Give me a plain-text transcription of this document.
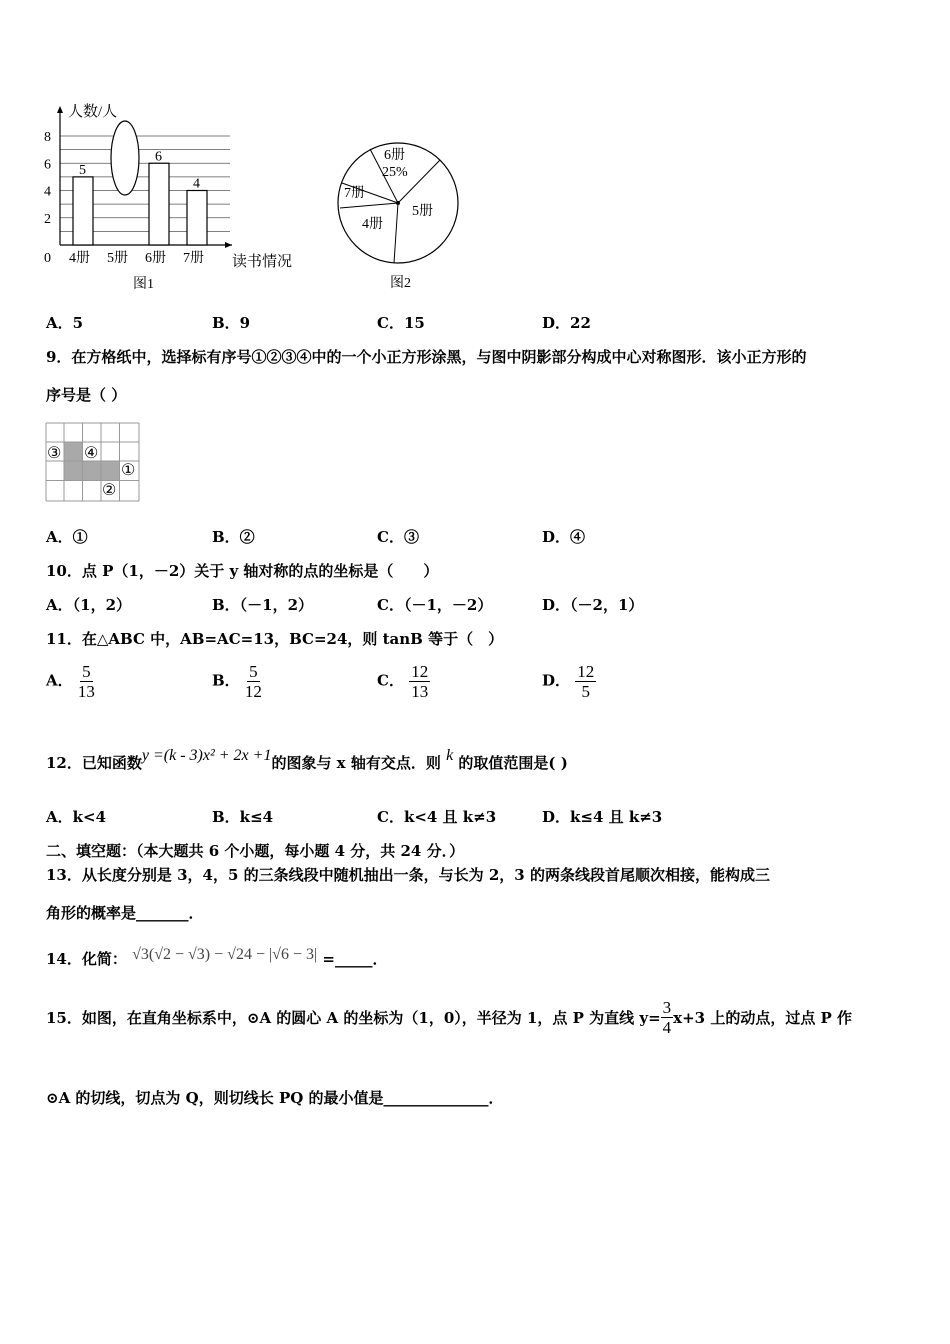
人数/人
读书情况
图1
0
2
4
6
8
5
4册 5册
6
6册
4
7册
6册
25%
7册
4册
5册
图2
A．5	B．9	C．15	D．22
9．在方格纸中，选择标有序号①②③④中的一个小正方形涂黑，与图中阴影部分构成中心对称图形．该小正方形的
序号是（ ）
③ ④
①
②
A．①	B．②	C．③	D．④
10．点 P（1，－2）关于 y 轴对称的点的坐标是（　　）
A．（1，2）	B．（－1，2）	C．（－1，－2）	D．（－2，1）
11．在△ABC 中，AB=AC=13，BC=24，则 tanB 等于（　）
A． $\frac{5}{13}$	B． $\frac{5}{12}$	C． $\frac{12}{13}$	D． $\frac{12}{5}$
12．已知函数y =(k - 3)x² + 2x +1的图象与 x 轴有交点．则 k 的取值范围是( )
A．k<4	B．k≤4	C．k<4 且 k≠3	D．k≤4 且 k≠3
二、填空题：（本大题共 6 个小题，每小题 4 分，共 24 分．）
13．从长度分别是 3，4，5 的三条线段中随机抽出一条，与长为 2，3 的两条线段首尾顺次相接，能构成三
角形的概率是_______．
14．化简： √3(√2 − √3) − √24 − |√6 − 3| =_____．
15．如图，在直角坐标系中，⊙A 的圆心 A 的坐标为（1，0），半径为 1，点 P 为直线 $y= \frac{3}{4} x+3$ 上的动点，过点 P 作
⊙A 的切线，切点为 Q，则切线长 PQ 的最小值是______________．
